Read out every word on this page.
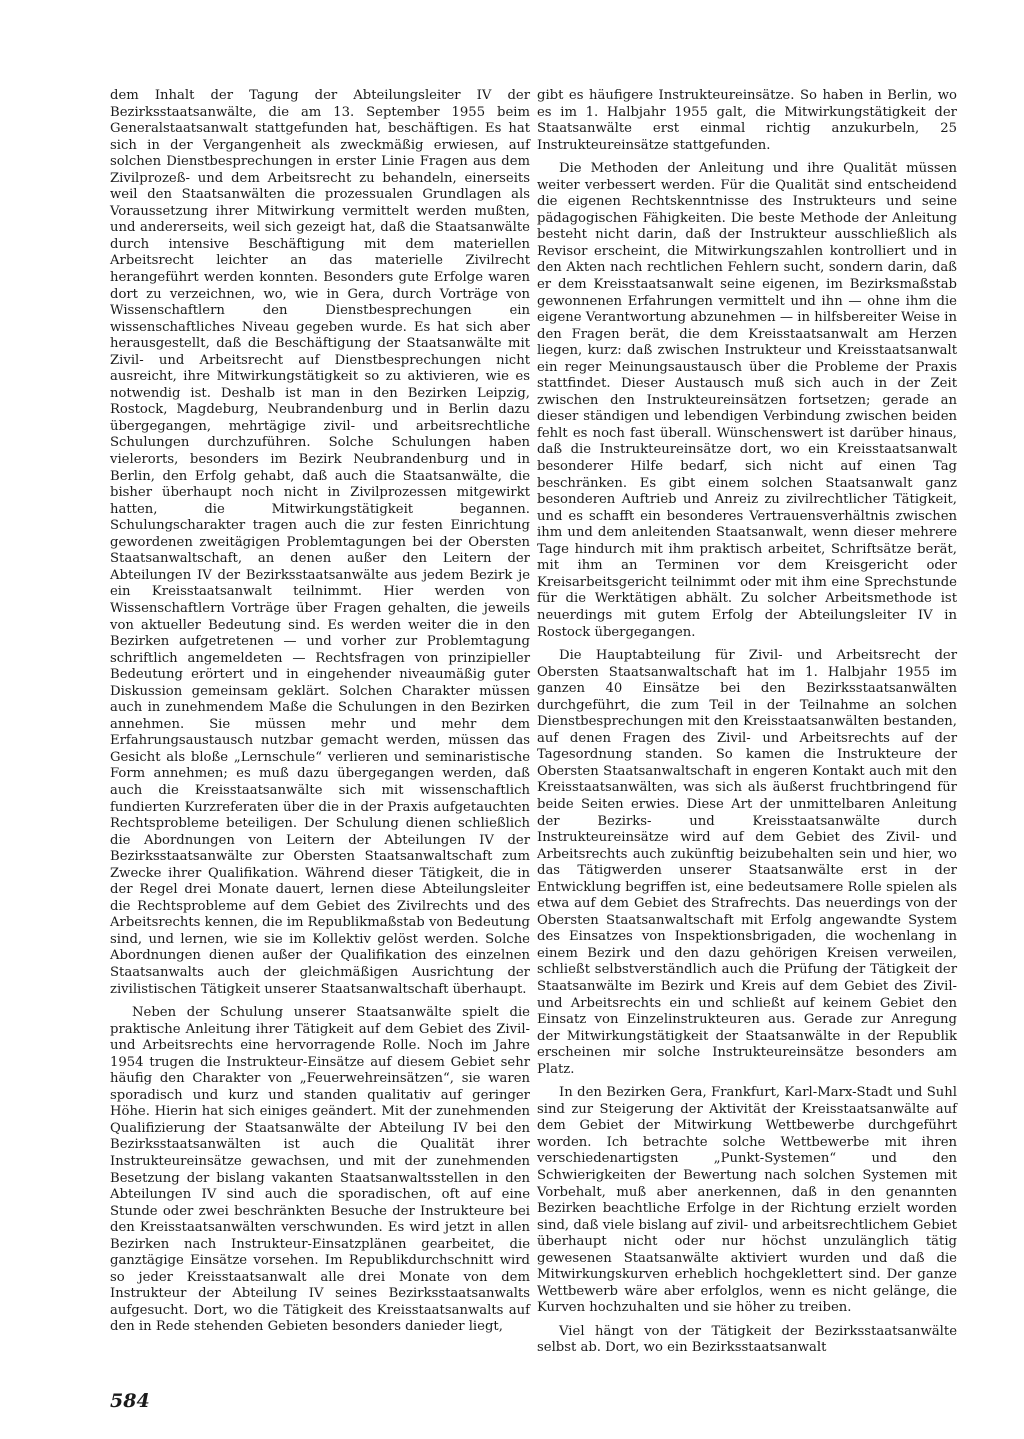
dem Inhalt der Tagung der Abteilungsleiter IV der Bezirksstaatsanwälte, die am 13. September 1955 beim Generalstaatsanwalt stattgefunden hat, beschäftigen. Es hat sich in der Vergangenheit als zweckmäßig erwiesen, auf solchen Dienstbesprechungen in erster Linie Fragen aus dem Zivilprozeß- und dem Arbeitsrecht zu behandeln, einerseits weil den Staatsanwälten die prozessualen Grundlagen als Voraussetzung ihrer Mitwirkung vermittelt werden mußten, und andererseits, weil sich gezeigt hat, daß die Staatsanwälte durch intensive Beschäftigung mit dem materiellen Arbeitsrecht leichter an das materielle Zivilrecht herangeführt werden konnten. Besonders gute Erfolge waren dort zu verzeichnen, wo, wie in Gera, durch Vorträge von Wissenschaftlern den Dienstbesprechungen ein wissenschaftliches Niveau gegeben wurde. Es hat sich aber herausgestellt, daß die Beschäftigung der Staatsanwälte mit Zivil- und Arbeitsrecht auf Dienstbesprechungen nicht ausreicht, ihre Mitwirkungstätigkeit so zu aktivieren, wie es notwendig ist. Deshalb ist man in den Bezirken Leipzig, Rostock, Magdeburg, Neubrandenburg und in Berlin dazu übergegangen, mehrtägige zivil- und arbeitsrechtliche Schulungen durchzuführen. Solche Schulungen haben vielerorts, besonders im Bezirk Neubrandenburg und in Berlin, den Erfolg gehabt, daß auch die Staatsanwälte, die bisher überhaupt noch nicht in Zivilprozessen mitgewirkt hatten, die Mitwirkungstätigkeit begannen. Schulungscharakter tragen auch die zur festen Einrichtung gewordenen zweitägigen Problemtagungen bei der Obersten Staatsanwaltschaft, an denen außer den Leitern der Abteilungen IV der Bezirksstaatsanwälte aus jedem Bezirk je ein Kreisstaatsanwalt teilnimmt. Hier werden von Wissenschaftlern Vorträge über Fragen gehalten, die jeweils von aktueller Bedeutung sind. Es werden weiter die in den Bezirken aufgetretenen — und vorher zur Problemtagung schriftlich angemeldeten — Rechtsfragen von prinzipieller Bedeutung erörtert und in eingehender niveaumäßig guter Diskussion gemeinsam geklärt. Solchen Charakter müssen auch in zunehmendem Maße die Schulungen in den Bezirken annehmen. Sie müssen mehr und mehr dem Erfahrungsaustausch nutzbar gemacht werden, müssen das Gesicht als bloße „Lernschule“ verlieren und seminaristische Form annehmen; es muß dazu übergegangen werden, daß auch die Kreisstaatsanwälte sich mit wissenschaftlich fundierten Kurzreferaten über die in der Praxis aufgetauchten Rechtsprobleme beteiligen. Der Schulung dienen schließlich die Abordnungen von Leitern der Abteilungen IV der Bezirksstaatsanwälte zur Obersten Staatsanwaltschaft zum Zwecke ihrer Qualifikation. Während dieser Tätigkeit, die in der Regel drei Monate dauert, lernen diese Abteilungsleiter die Rechtsprobleme auf dem Gebiet des Zivilrechts und des Arbeitsrechts kennen, die im Republikmaßstab von Bedeutung sind, und lernen, wie sie im Kollektiv gelöst werden. Solche Abordnungen dienen außer der Qualifikation des einzelnen Staatsanwalts auch der gleichmäßigen Ausrichtung der zivilistischen Tätigkeit unserer Staatsanwaltschaft überhaupt.

Neben der Schulung unserer Staatsanwälte spielt die praktische Anleitung ihrer Tätigkeit auf dem Gebiet des Zivil- und Arbeitsrechts eine hervorragende Rolle. Noch im Jahre 1954 trugen die Instrukteur-Einsätze auf diesem Gebiet sehr häufig den Charakter von „Feuerwehreinsätzen“, sie waren sporadisch und kurz und standen qualitativ auf geringer Höhe. Hierin hat sich einiges geändert. Mit der zunehmenden Qualifizierung der Staatsanwälte der Abteilung IV bei den Bezirksstaatsanwälten ist auch die Qualität ihrer Instrukteureinsätze gewachsen, und mit der zunehmenden Besetzung der bislang vakanten Staatsanwaltsstellen in den Abteilungen IV sind auch die sporadischen, oft auf eine Stunde oder zwei beschränkten Besuche der Instrukteure bei den Kreisstaatsanwälten verschwunden. Es wird jetzt in allen Bezirken nach Instrukteur-Einsatzplänen gearbeitet, die ganztägige Einsätze vorsehen. Im Republikdurchschnitt wird so jeder Kreisstaatsanwalt alle drei Monate von dem Instrukteur der Abteilung IV seines Bezirksstaatsanwalts aufgesucht. Dort, wo die Tätigkeit des Kreisstaatsanwalts auf den in Rede stehenden Gebieten besonders danieder liegt,

gibt es häufigere Instrukteureinsätze. So haben in Berlin, wo es im 1. Halbjahr 1955 galt, die Mitwirkungstätigkeit der Staatsanwälte erst einmal richtig anzukurbeln, 25 Instrukteureinsätze stattgefunden.

Die Methoden der Anleitung und ihre Qualität müssen weiter verbessert werden. Für die Qualität sind entscheidend die eigenen Rechtskenntnisse des Instrukteurs und seine pädagogischen Fähigkeiten. Die beste Methode der Anleitung besteht nicht darin, daß der Instrukteur ausschließlich als Revisor erscheint, die Mitwirkungszahlen kontrolliert und in den Akten nach rechtlichen Fehlern sucht, sondern darin, daß er dem Kreisstaatsanwalt seine eigenen, im Bezirksmaßstab gewonnenen Erfahrungen vermittelt und ihn — ohne ihm die eigene Verantwortung abzunehmen — in hilfsbereiter Weise in den Fragen berät, die dem Kreisstaatsanwalt am Herzen liegen, kurz: daß zwischen Instrukteur und Kreisstaatsanwalt ein reger Meinungsaustausch über die Probleme der Praxis stattfindet. Dieser Austausch muß sich auch in der Zeit zwischen den Instrukteureinsätzen fortsetzen; gerade an dieser ständigen und lebendigen Verbindung zwischen beiden fehlt es noch fast überall. Wünschenswert ist darüber hinaus, daß die Instrukteureinsätze dort, wo ein Kreisstaatsanwalt besonderer Hilfe bedarf, sich nicht auf einen Tag beschränken. Es gibt einem solchen Staatsanwalt ganz besonderen Auftrieb und Anreiz zu zivilrechtlicher Tätigkeit, und es schafft ein besonderes Vertrauensverhältnis zwischen ihm und dem anleitenden Staatsanwalt, wenn dieser mehrere Tage hindurch mit ihm praktisch arbeitet, Schriftsätze berät, mit ihm an Terminen vor dem Kreisgericht oder Kreisarbeitsgericht teilnimmt oder mit ihm eine Sprechstunde für die Werktätigen abhält. Zu solcher Arbeitsmethode ist neuerdings mit gutem Erfolg der Abteilungsleiter IV in Rostock übergegangen.

Die Hauptabteilung für Zivil- und Arbeitsrecht der Obersten Staatsanwaltschaft hat im 1. Halbjahr 1955 im ganzen 40 Einsätze bei den Bezirksstaatsanwälten durchgeführt, die zum Teil in der Teilnahme an solchen Dienstbesprechungen mit den Kreisstaatsanwälten bestanden, auf denen Fragen des Zivil- und Arbeitsrechts auf der Tagesordnung standen. So kamen die Instrukteure der Obersten Staatsanwaltschaft in engeren Kontakt auch mit den Kreisstaatsanwälten, was sich als äußerst fruchtbringend für beide Seiten erwies. Diese Art der unmittelbaren Anleitung der Bezirks- und Kreisstaatsanwälte durch Instrukteureinsätze wird auf dem Gebiet des Zivil- und Arbeitsrechts auch zukünftig beizubehalten sein und hier, wo das Tätigwerden unserer Staatsanwälte erst in der Entwicklung begriffen ist, eine bedeutsamere Rolle spielen als etwa auf dem Gebiet des Strafrechts. Das neuerdings von der Obersten Staatsanwaltschaft mit Erfolg angewandte System des Einsatzes von Inspektionsbrigaden, die wochenlang in einem Bezirk und den dazu gehörigen Kreisen verweilen, schließt selbstverständlich auch die Prüfung der Tätigkeit der Staatsanwälte im Bezirk und Kreis auf dem Gebiet des Zivil- und Arbeitsrechts ein und schließt auf keinem Gebiet den Einsatz von Einzelinstrukteuren aus. Gerade zur Anregung der Mitwirkungstätigkeit der Staatsanwälte in der Republik erscheinen mir solche Instrukteureinsätze besonders am Platz.

In den Bezirken Gera, Frankfurt, Karl-Marx-Stadt und Suhl sind zur Steigerung der Aktivität der Kreisstaatsanwälte auf dem Gebiet der Mitwirkung Wettbewerbe durchgeführt worden. Ich betrachte solche Wettbewerbe mit ihren verschiedenartigsten „Punkt-Systemen“ und den Schwierigkeiten der Bewertung nach solchen Systemen mit Vorbehalt, muß aber anerkennen, daß in den genannten Bezirken beachtliche Erfolge in der Richtung erzielt worden sind, daß viele bislang auf zivil- und arbeitsrechtlichem Gebiet überhaupt nicht oder nur höchst unzulänglich tätig gewesenen Staatsanwälte aktiviert wurden und daß die Mitwirkungskurven erheblich hochgeklettert sind. Der ganze Wettbewerb wäre aber erfolglos, wenn es nicht gelänge, die Kurven hochzuhalten und sie höher zu treiben.

Viel hängt von der Tätigkeit der Bezirksstaatsanwälte selbst ab. Dort, wo ein Bezirksstaatsanwalt

584
